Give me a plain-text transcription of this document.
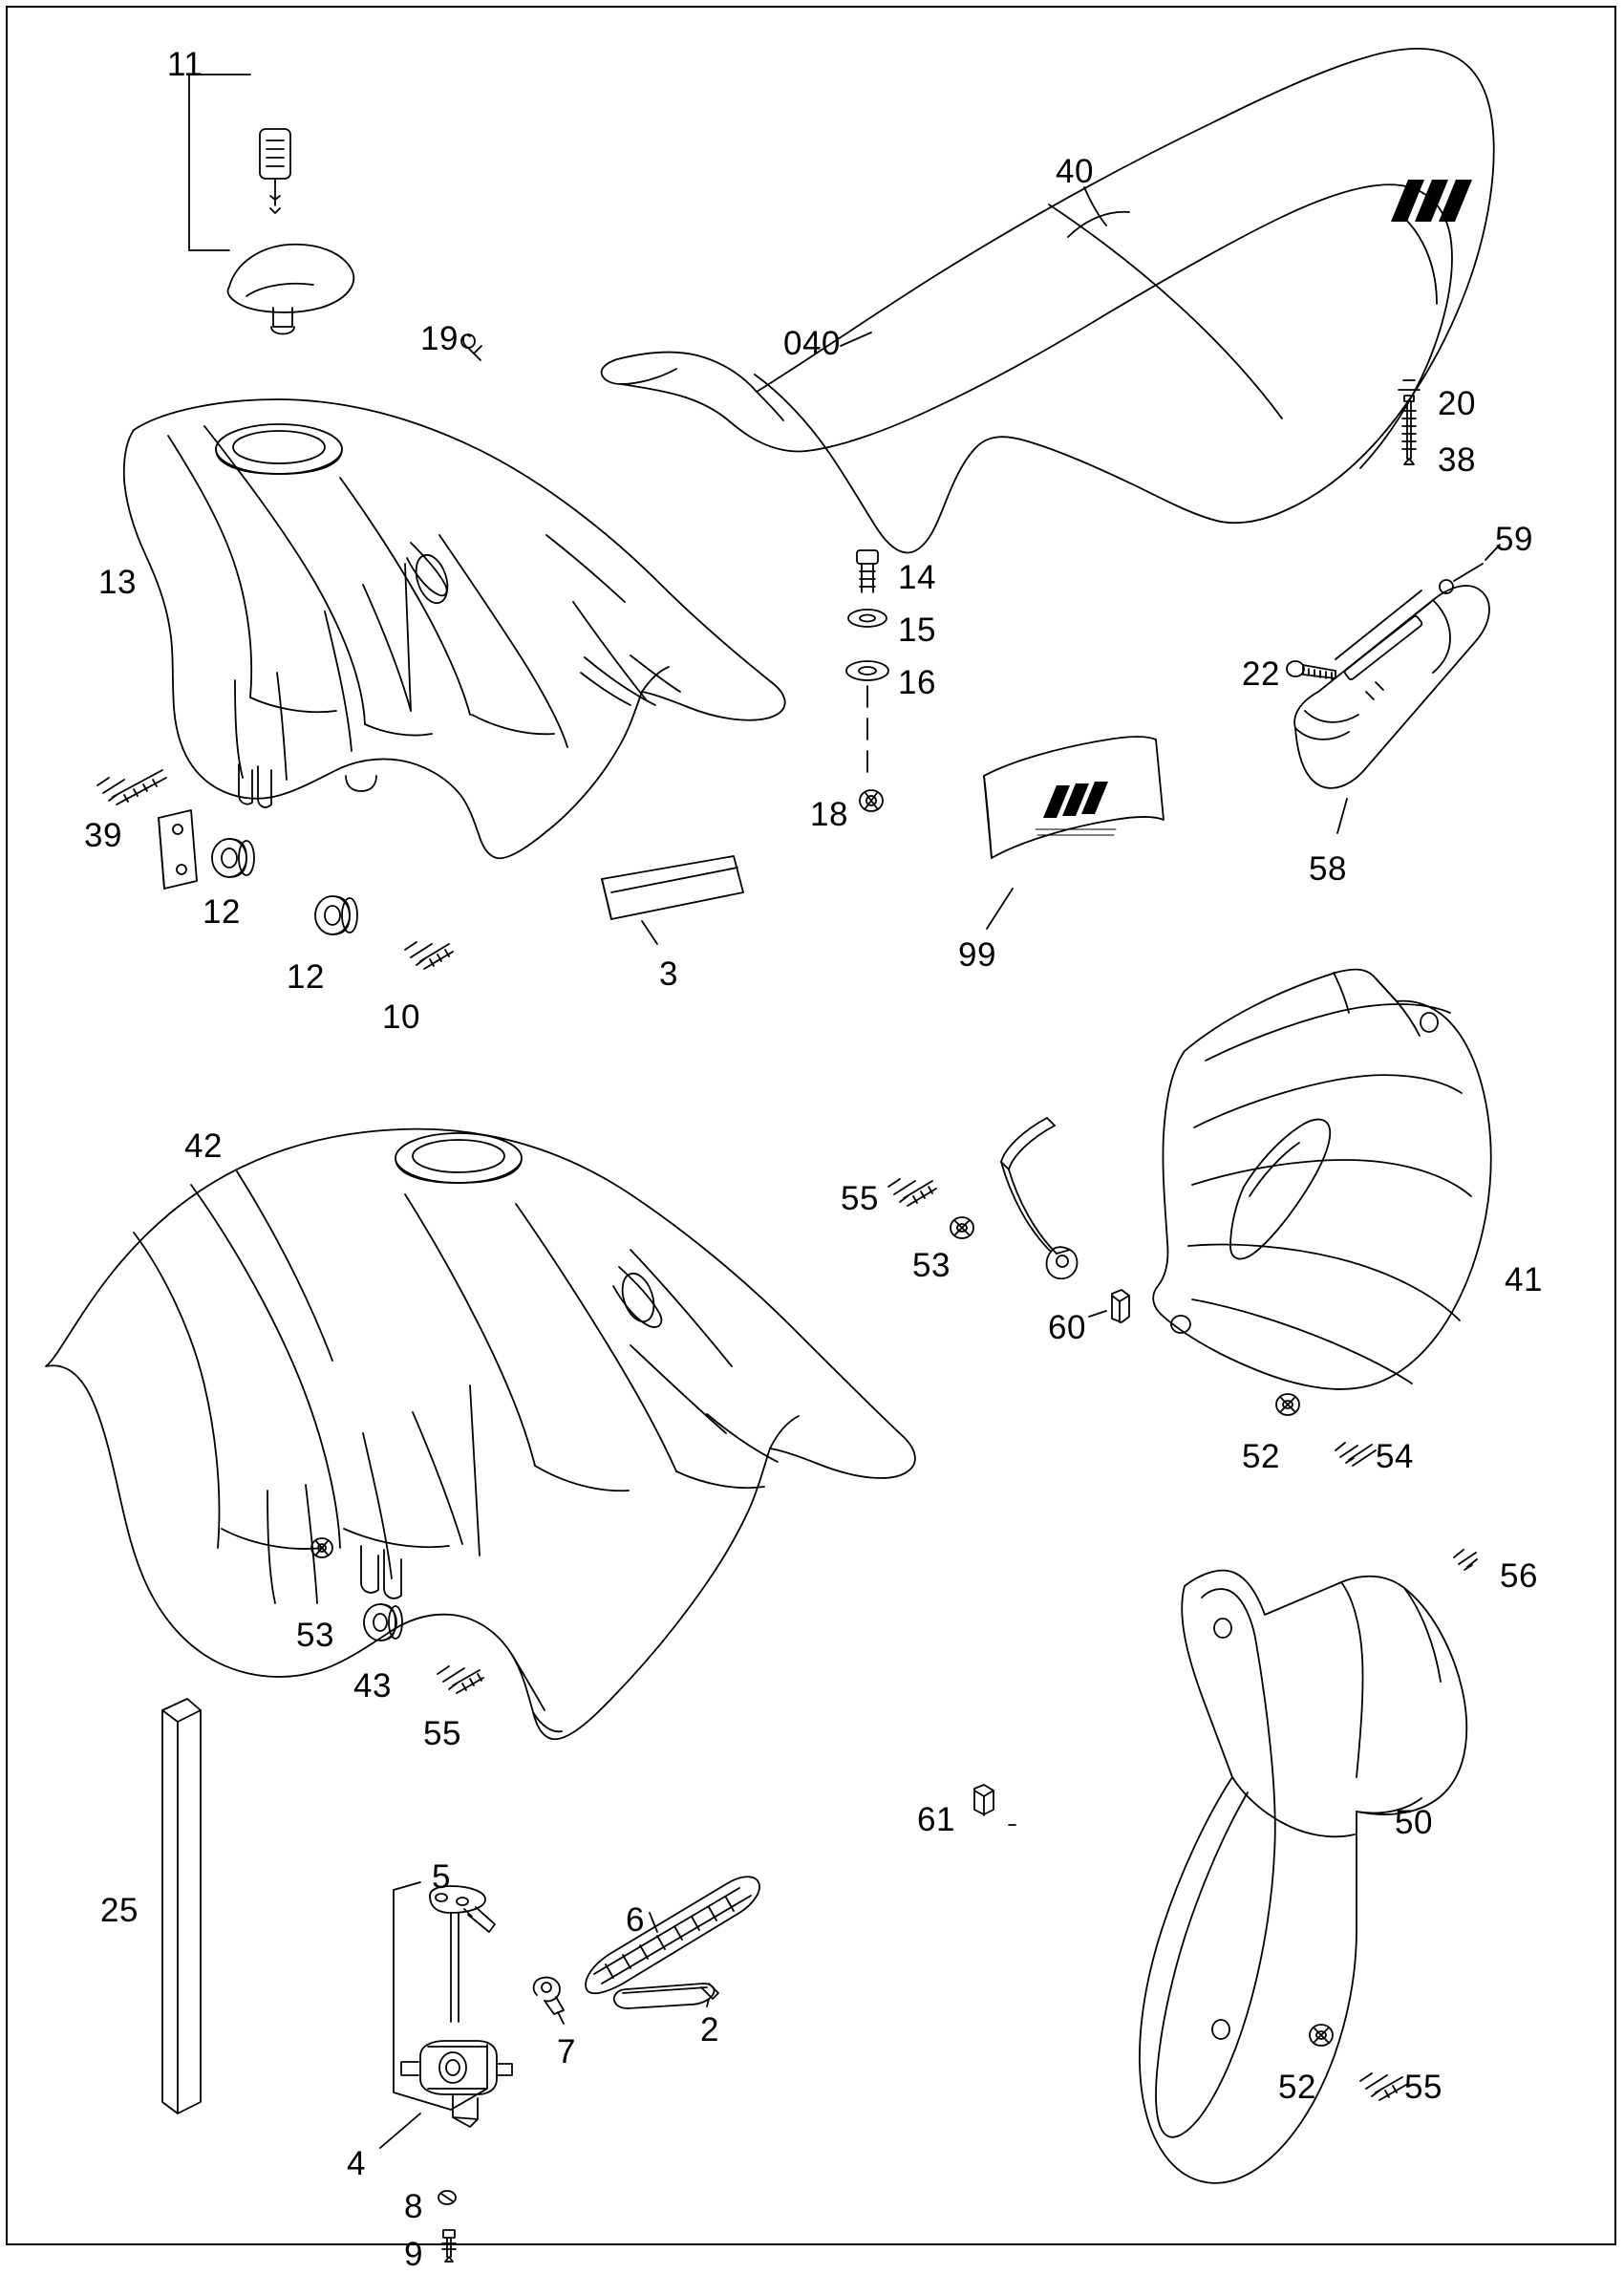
11
40
19	040
20
38
59
13	14
15
16	22
39
18
58
12
99
12	3
10
42
55
41
53
60
52	54
56
53
43
55
50
61
5
25	6
2
7
52	55
4
8
9
